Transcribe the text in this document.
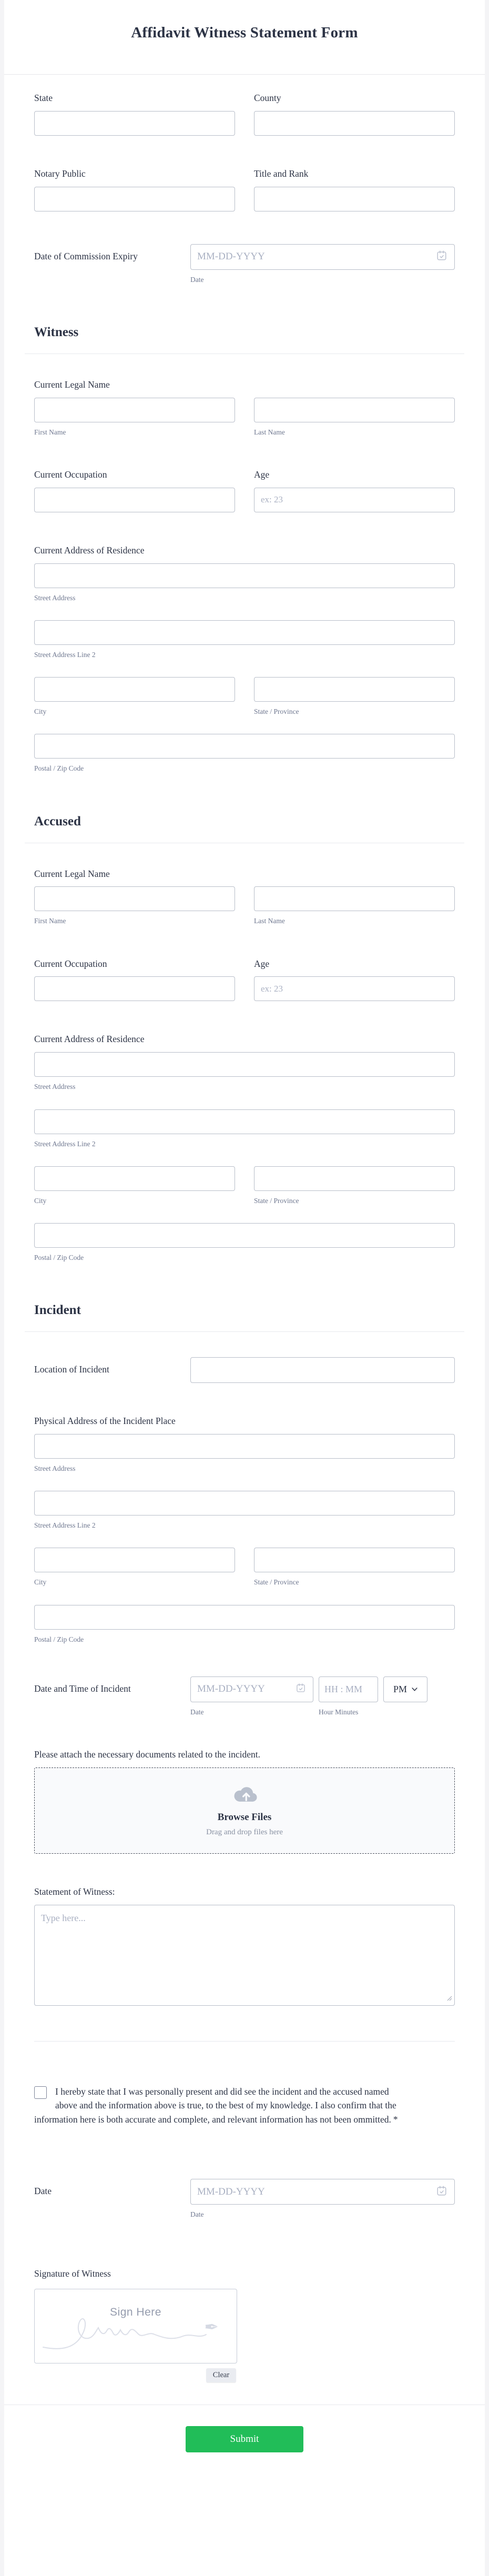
Affidavit Witness Statement Form
State	County
Notary Public	Title and Rank
Date of Commission Expiry
MM-DD-YYYY
Date
Witness
Current Legal Name
First Name	Last Name
Current Occupation	Age
ex: 23
Current Address of Residence
Street Address
Street Address Line 2
City	State / Province
Postal / Zip Code
Accused
Current Legal Name
First Name	Last Name
Current Occupation	Age
ex: 23
Current Address of Residence
Street Address
Street Address Line 2
City	State / Province
Postal / Zip Code
Incident
Location of Incident
Physical Address of the Incident Place
Street Address
Street Address Line 2
City	State / Province
Postal / Zip Code
Date and Time of Incident
MM-DD-YYYY
Date
HH : MM	Hour Minutes
PM
Please attach the necessary documents related to the incident.
Browse Files
Drag and drop files here
Statement of Witness:
Type here...

I hereby state that I was personally present and did see the incident and the accused named above and the information above is true, to the best of my knowledge. I also confirm that the information here is both accurate and complete, and relevant information has not been ommitted. *

Date
MM-DD-YYYY
Date
Signature of Witness
✒
Sign Here
Clear
Submit
